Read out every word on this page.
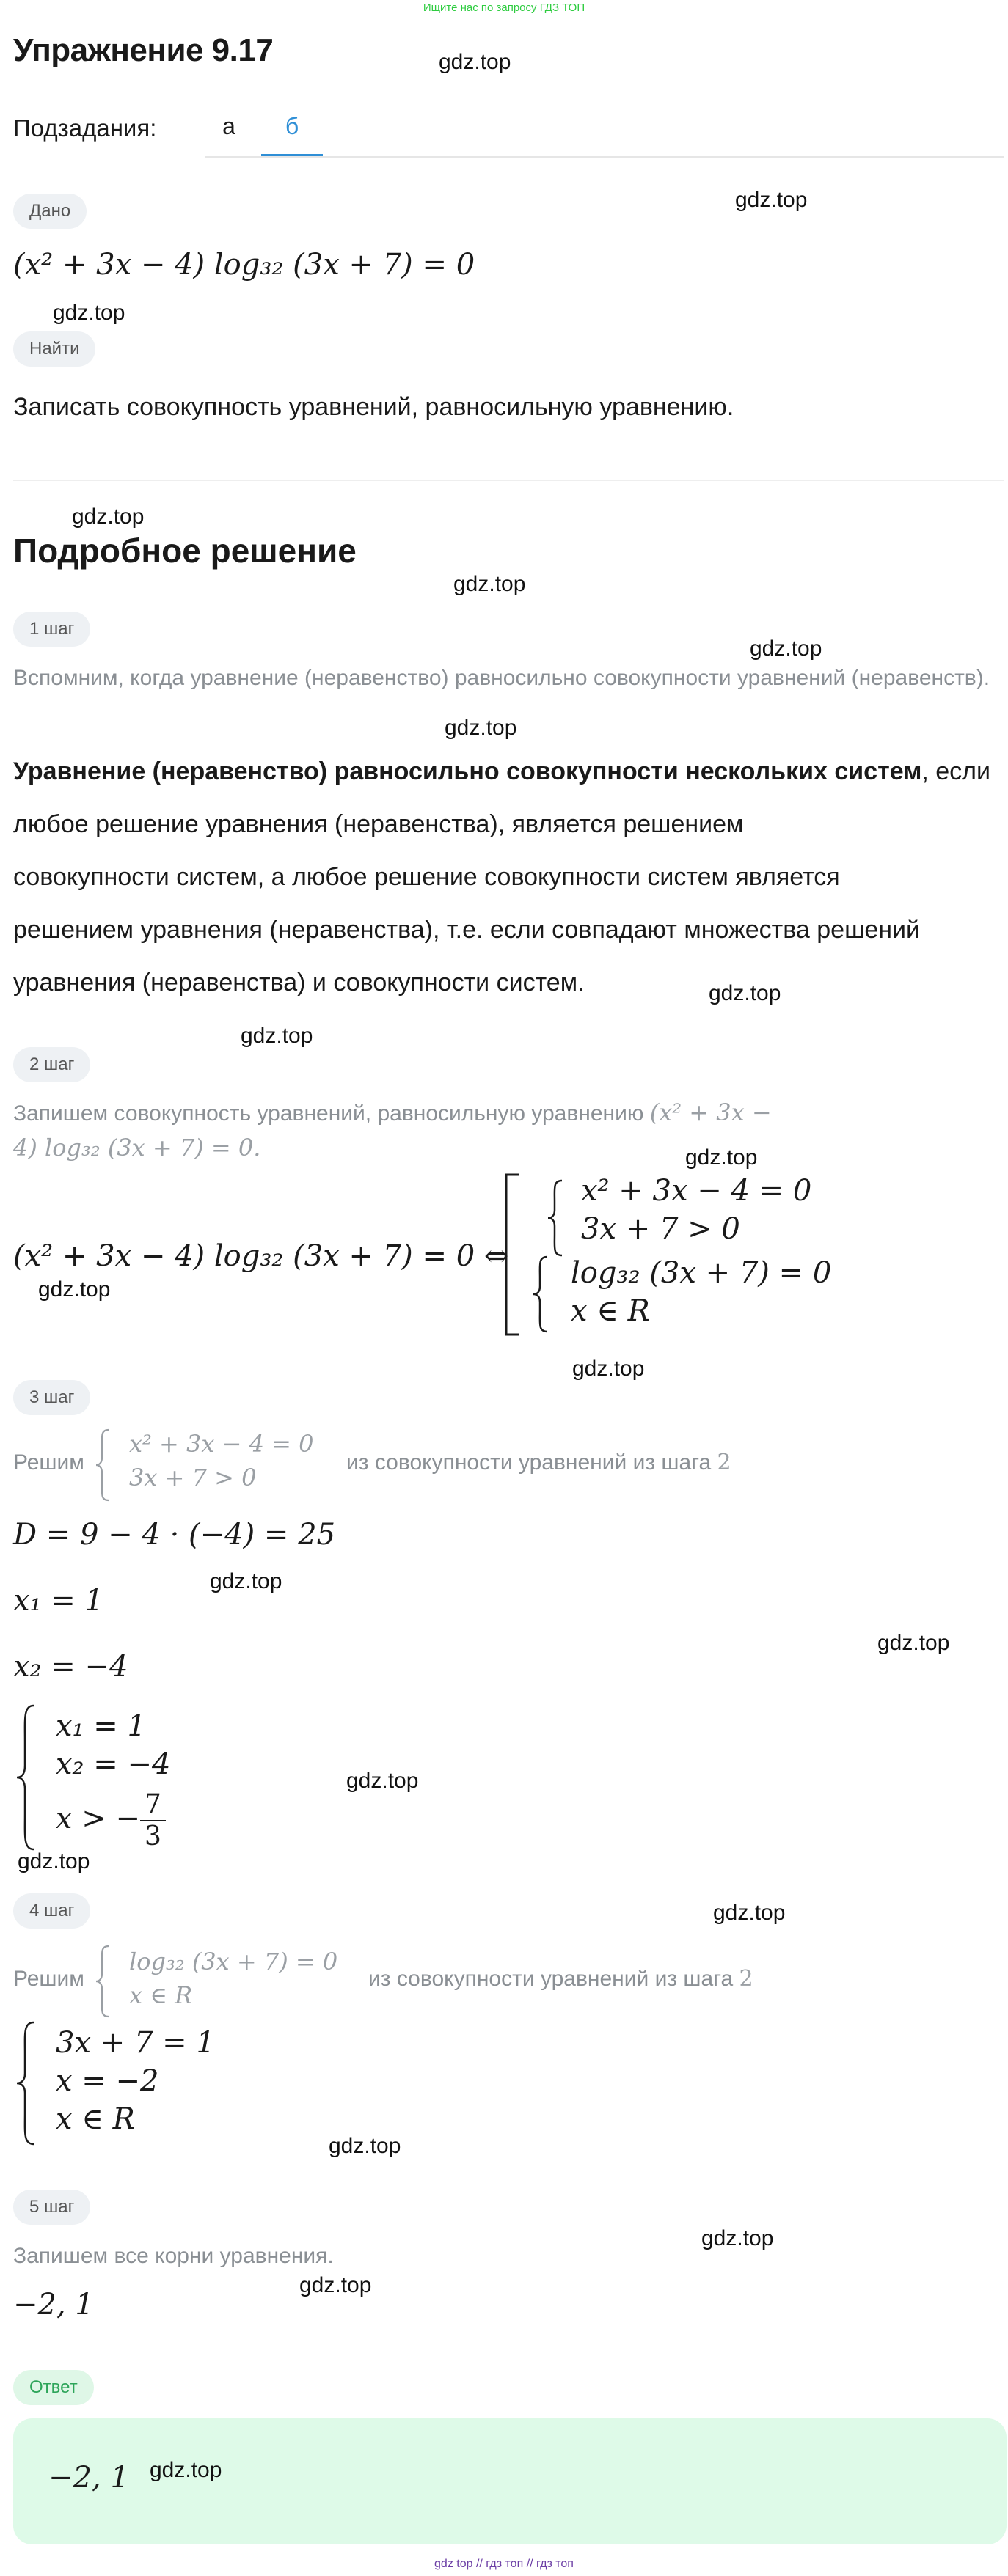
Ищите нас по запросу ГДЗ ТОП
Упражнение 9.17	gdz.top
Подзадания:	а	б
Дано	gdz.top
(x² + 3x − 4) log₃₂ (3x + 7) = 0
gdz.top
Найти
Записать совокупность уравнений, равносильную уравнению.
gdz.top
Подробное решение
gdz.top
1 шаг
gdz.top
Вспомним, когда уравнение (неравенство) равносильно совокупности уравнений (неравенств).
gdz.top
Уравнение (неравенство) равносильно совокупности нескольких систем, если любое решение уравнения (неравенства), является решением
совокупности систем, а любое решение совокупности систем является
решением уравнения (неравенства), т.е. если совпадают множества решений
уравнения (неравенства) и совокупности систем.	gdz.top
gdz.top
2 шаг
Запишем совокупность уравнений, равносильную уравнению (x² + 3x −
4) log₃₂ (3x + 7) = 0.	gdz.top
(x² + 3x − 4) log₃₂ (3x + 7) = 0 ⇔
gdz.top
x² + 3x − 4 = 0
3x + 7 > 0
log₃₂ (3x + 7) = 0
x ∈ R
gdz.top
3 шаг
Решим
x² + 3x − 4 = 0
3x + 7 > 0
из совокупности уравнений из шага 2
D = 9 − 4 · (−4) = 25
x₁ = 1
gdz.top
gdz.top
x₂ = −4
x₁ = 1
x₂ = −4
x > − $\frac{7}{3}$
gdz.top
gdz.top
4 шаг	gdz.top
Решим
log₃₂ (3x + 7) = 0
x ∈ R
из совокупности уравнений из шага 2
3x + 7 = 1
x = −2
x ∈ R
gdz.top
5 шаг
gdz.top
Запишем все корни уравнения.
gdz.top
−2, 1
Ответ
−2, 1 gdz.top
gdz top // гдз топ // гдз топ
